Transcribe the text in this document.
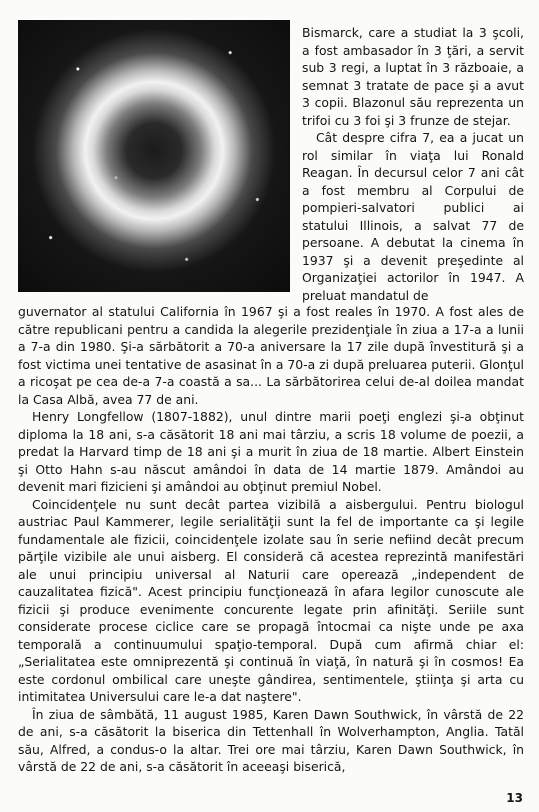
Bismarck, care a studiat la 3 şcoli, a fost ambasador în 3 ţări, a servit sub 3 regi, a luptat în 3 războaie, a semnat 3 tratate de pace şi a avut 3 copii. Blazonul său reprezenta un trifoi cu 3 foi şi 3 frunze de stejar.

Cât despre cifra 7, ea a jucat un rol similar în viaţa lui Ronald Reagan. În decursul celor 7 ani cât a fost membru al Corpului de pompieri-salvatori publici ai statului Illinois, a salvat 77 de persoane. A debutat la cinema în 1937 şi a devenit preşedinte al Organizaţiei actorilor în 1947. A preluat mandatul de

guvernator al statului California în 1967 şi a fost reales în 1970. A fost ales de către republicani pentru a candida la alegerile prezidenţiale în ziua a 17-a a lunii a 7-a din 1980. Şi-a sărbătorit a 70-a aniversare la 17 zile după învestitură şi a fost victima unei tentative de asasinat în a 70-a zi după preluarea puterii. Glonţul a ricoşat pe cea de-a 7-a coastă a sa... La sărbătorirea celui de-al doilea mandat la Casa Albă, avea 77 de ani.

Henry Longfellow (1807-1882), unul dintre marii poeţi englezi şi-a obţinut diploma la 18 ani, s-a căsătorit 18 ani mai târziu, a scris 18 volume de poezii, a predat la Harvard timp de 18 ani şi a murit în ziua de 18 martie. Albert Einstein şi Otto Hahn s-au născut amândoi în data de 14 martie 1879. Amândoi au devenit mari fizicieni şi amândoi au obţinut premiul Nobel.

Coincidenţele nu sunt decât partea vizibilă a aisbergului. Pentru biologul austriac Paul Kammerer, legile serialităţii sunt la fel de importante ca şi legile fundamentale ale fizicii, coincidenţele izolate sau în serie nefiind decât precum părţile vizibile ale unui aisberg. El consideră că acestea reprezintă manifestări ale unui principiu universal al Naturii care operează „independent de cauzalitatea fizică". Acest principiu funcţionează în afara legilor cunoscute ale fizicii şi produce evenimente concurente legate prin afinităţi. Seriile sunt considerate procese ciclice care se propagă întocmai ca nişte unde pe axa temporală a continuumului spaţio-temporal. După cum afirmă chiar el: „Serialitatea este omniprezentă şi continuă în viaţă, în natură şi în cosmos! Ea este cordonul ombilical care uneşte gândirea, sentimentele, ştiinţa şi arta cu intimitatea Universului care le-a dat naştere".

În ziua de sâmbătă, 11 august 1985, Karen Dawn Southwick, în vârstă de 22 de ani, s-a căsătorit la biserica din Tettenhall în Wolverhampton, Anglia. Tatăl său, Alfred, a condus-o la altar. Trei ore mai târziu, Karen Dawn Southwick, în vârstă de 22 de ani, s-a căsătorit în aceeaşi biserică,

13
